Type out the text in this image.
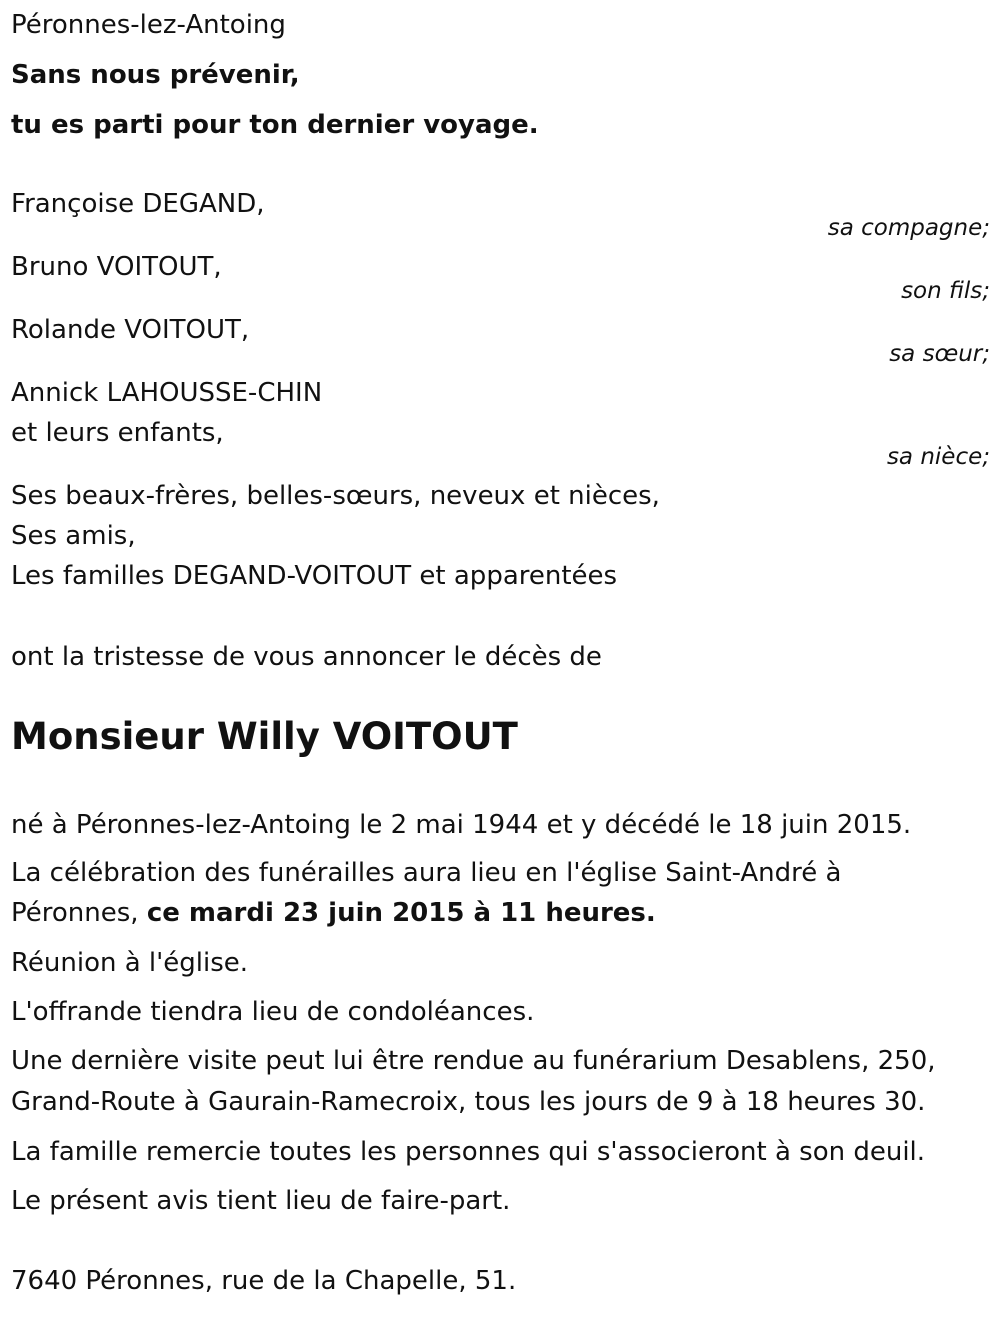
Péronnes-lez-Antoing
Sans nous prévenir,
tu es parti pour ton dernier voyage.
Françoise DEGAND,
sa compagne;
Bruno VOITOUT,
son fils;
Rolande VOITOUT,
sa sœur;
Annick LAHOUSSE-CHIN
et leurs enfants,
sa nièce;
Ses beaux-frères, belles-sœurs, neveux et nièces,
Ses amis,
Les familles DEGAND-VOITOUT et apparentées
ont la tristesse de vous annoncer le décès de
Monsieur Willy VOITOUT
né à Péronnes-lez-Antoing le 2 mai 1944 et y décédé le 18 juin 2015.
La célébration des funérailles aura lieu en l'église Saint-André à
Péronnes, ce mardi 23 juin 2015 à 11 heures.
Réunion à l'église.
L'offrande tiendra lieu de condoléances.
Une dernière visite peut lui être rendue au funérarium Desablens, 250,
Grand-Route à Gaurain-Ramecroix, tous les jours de 9 à 18 heures 30.
La famille remercie toutes les personnes qui s'associeront à son deuil.
Le présent avis tient lieu de faire-part.
7640 Péronnes, rue de la Chapelle, 51.
